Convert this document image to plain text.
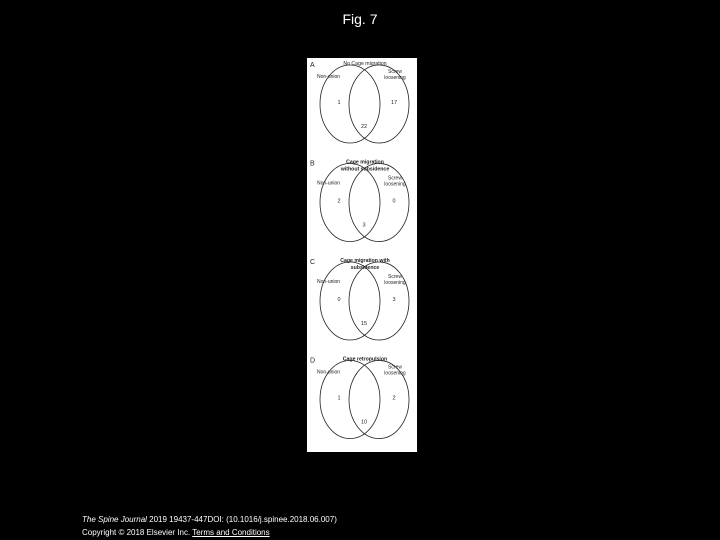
Fig. 7
A	No Cage migration
Non-union
Screw
loosening
1	17
22
B	Cage migration
without subsidence
Non-union
Screw
loosening
2	0
3
C	Cage migration with
subsidence
Non-union
Screw
loosening
0	3
15
D	Cage retropulsion
Non-union
Screw
loosening
1	2
10
The Spine Journal 2019 19437-447DOI: (10.1016/j.spinee.2018.06.007)
Copyright © 2018 Elsevier Inc. Terms and Conditions
